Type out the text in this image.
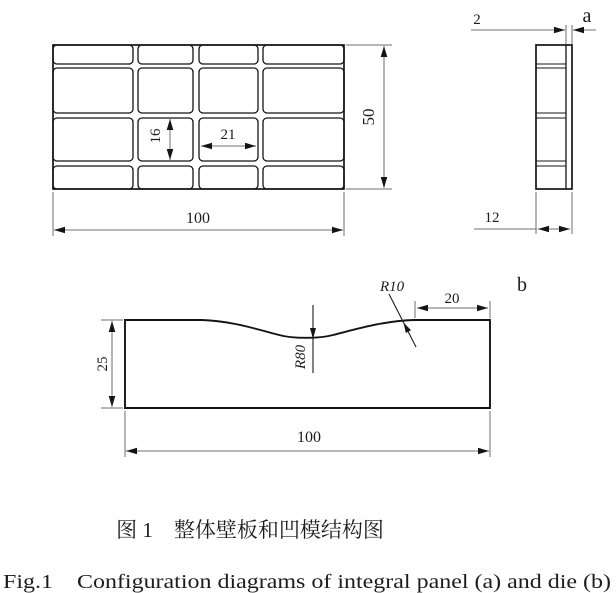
50
100
16	21
2
12
a
25
100
20
R80
R10	b
图 1　整体壁板和凹模结构图
Fig.1　Configuration diagrams of integral panel (a) and die (b)
